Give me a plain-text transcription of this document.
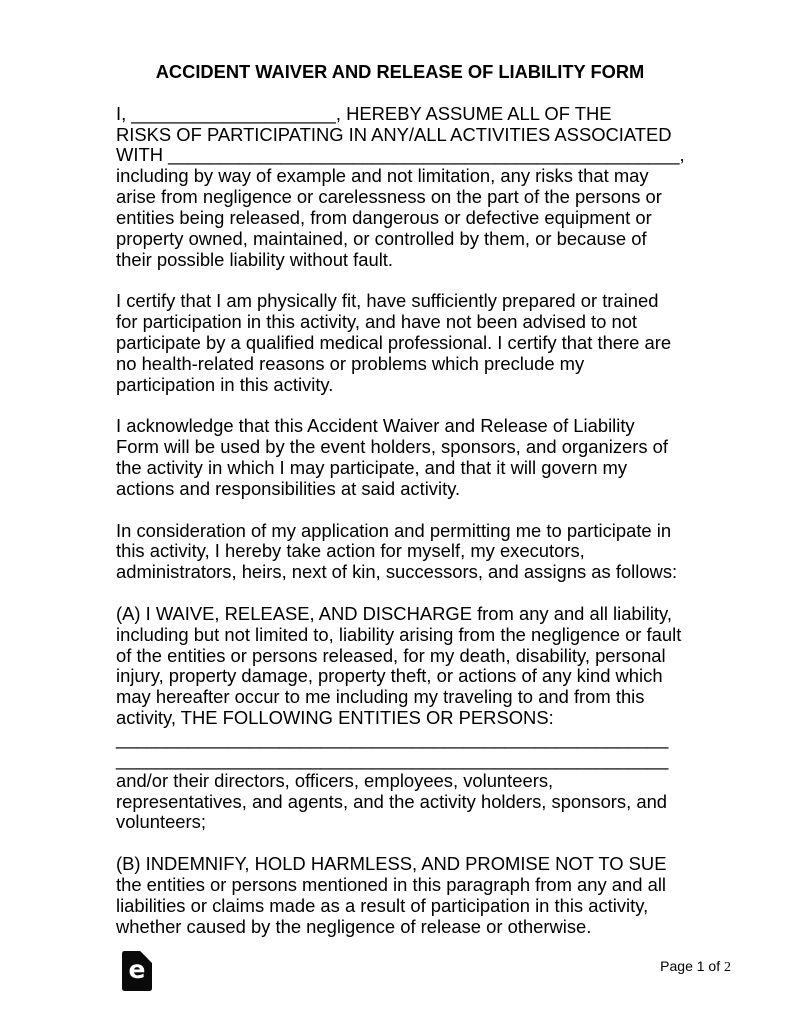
ACCIDENT WAIVER AND RELEASE OF LIABILITY FORM
I, ____________________, HEREBY ASSUME ALL OF THE
RISKS OF PARTICIPATING IN ANY/ALL ACTIVITIES ASSOCIATED
WITH __________________________________________________,
including by way of example and not limitation, any risks that may
arise from negligence or carelessness on the part of the persons or
entities being released, from dangerous or defective equipment or
property owned, maintained, or controlled by them, or because of
their possible liability without fault.
I certify that I am physically fit, have sufficiently prepared or trained
for participation in this activity, and have not been advised to not
participate by a qualified medical professional. I certify that there are
no health-related reasons or problems which preclude my
participation in this activity.
I acknowledge that this Accident Waiver and Release of Liability
Form will be used by the event holders, sponsors, and organizers of
the activity in which I may participate, and that it will govern my
actions and responsibilities at said activity.
In consideration of my application and permitting me to participate in
this activity, I hereby take action for myself, my executors,
administrators, heirs, next of kin, successors, and assigns as follows:
(A) I WAIVE, RELEASE, AND DISCHARGE from any and all liability,
including but not limited to, liability arising from the negligence or fault
of the entities or persons released, for my death, disability, personal
injury, property damage, property theft, or actions of any kind which
may hereafter occur to me including my traveling to and from this
activity, THE FOLLOWING ENTITIES OR PERSONS:
______________________________________________________
______________________________________________________
and/or their directors, officers, employees, volunteers,
representatives, and agents, and the activity holders, sponsors, and
volunteers;
(B) INDEMNIFY, HOLD HARMLESS, AND PROMISE NOT TO SUE
the entities or persons mentioned in this paragraph from any and all
liabilities or claims made as a result of participation in this activity,
whether caused by the negligence of release or otherwise.
e	Page 1 of 2
